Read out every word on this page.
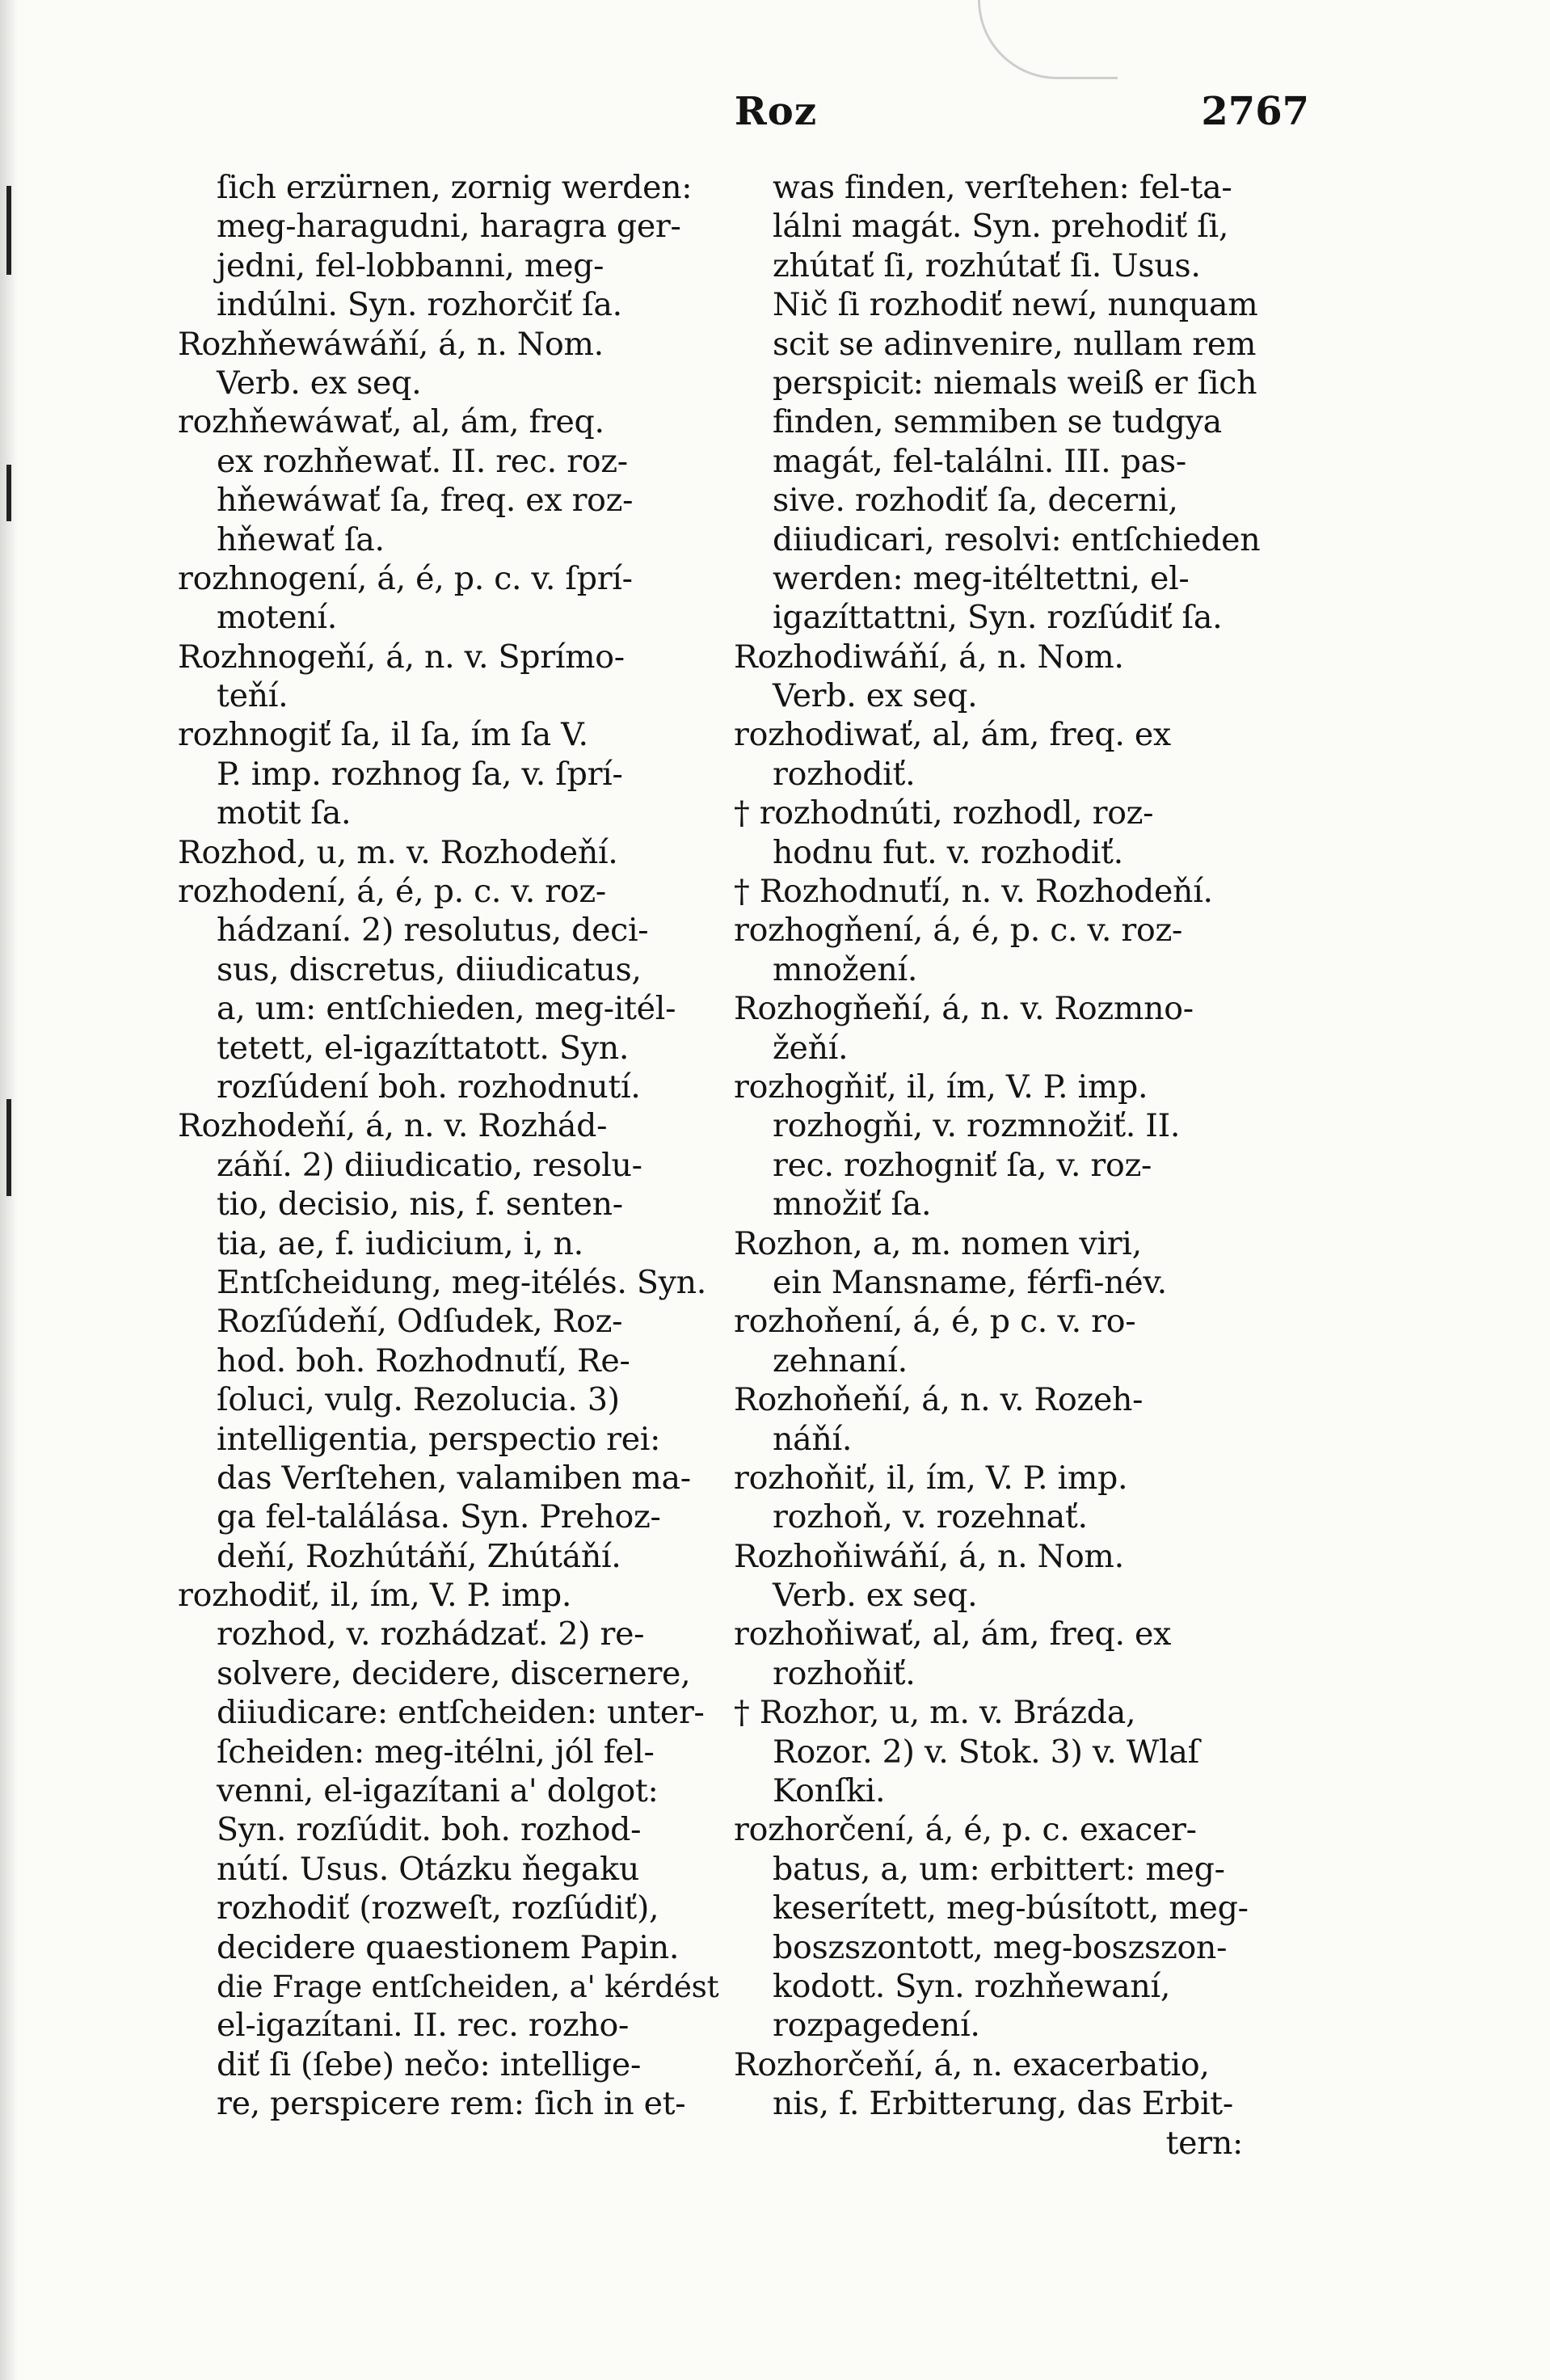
Roz	2767
ſich erzürnen, zornig werden:
meg-haragudni, haragra ger-
jedni, fel-lobbanni, meg-
indúlni. Syn. rozhorčiť ſa.
Rozhňewáwáňí, á, n. Nom.
Verb. ex seq.
rozhňewáwať, al, ám, freq.
ex rozhňewať. II. rec. roz-
hňewáwať ſa, freq. ex roz-
hňewať ſa.
rozhnogení, á, é, p. c. v. ſprí-
motení.
Rozhnogeňí, á, n. v. Sprímo-
teňí.
rozhnogiť ſa, il ſa, ím ſa V.
P. imp. rozhnog ſa, v. ſprí-
motit ſa.
Rozhod, u, m. v. Rozhodeňí.
rozhodení, á, é, p. c. v. roz-
hádzaní. 2) resolutus, deci-
sus, discretus, diiudicatus,
a, um: entſchieden, meg-itél-
tetett, el-igazíttatott. Syn.
rozſúdení boh. rozhodnutí.
Rozhodeňí, á, n. v. Rozhád-
záňí. 2) diiudicatio, resolu-
tio, decisio, nis, f. senten-
tia, ae, f. iudicium, i, n.
Entſcheidung, meg-itélés. Syn.
Rozſúdeňí, Odſudek, Roz-
hod. boh. Rozhodnuťí, Re-
ſoluci, vulg. Rezolucia. 3)
intelligentia, perspectio rei:
das Verſtehen, valamiben ma-
ga fel-találása. Syn. Prehoz-
deňí, Rozhútáňí, Zhútáňí.
rozhodiť, il, ím, V. P. imp.
rozhod, v. rozhádzať. 2) re-
solvere, decidere, discernere,
diiudicare: entſcheiden: unter-
ſcheiden: meg-itélni, jól fel-
venni, el-igazítani a' dolgot:
Syn. rozſúdit. boh. rozhod-
nútí. Usus. Otázku ňegaku
rozhodiť (rozweſt, rozſúdiť),
decidere quaestionem Papin.
die Frage entſcheiden, a' kérdést
el-igazítani. II. rec. rozho-
diť ſi (ſebe) nečo: intellige-
re, perspicere rem: ſich in et-
was finden, verſtehen: fel-ta-
lálni magát. Syn. prehodiť ſi,
zhútať ſi, rozhútať ſi. Usus.
Nič ſi rozhodiť newí, nunquam
scit se adinvenire, nullam rem
perspicit: niemals weiß er ſich
finden, semmiben se tudgya
magát, fel-találni. III. pas-
sive. rozhodiť ſa, decerni,
diiudicari, resolvi: entſchieden
werden: meg-itéltettni, el-
igazíttattni, Syn. rozſúdiť ſa.
Rozhodiwáňí, á, n. Nom.
Verb. ex seq.
rozhodiwať, al, ám, freq. ex
rozhodiť.
† rozhodnúti, rozhodl, roz-
hodnu fut. v. rozhodiť.
† Rozhodnuťí, n. v. Rozhodeňí.
rozhogňení, á, é, p. c. v. roz-
množení.
Rozhogňeňí, á, n. v. Rozmno-
žeňí.
rozhogňiť, il, ím, V. P. imp.
rozhogňi, v. rozmnožiť. II.
rec. rozhogniť ſa, v. roz-
množiť ſa.
Rozhon, a, m. nomen viri,
ein Mansname, férfi-név.
rozhoňení, á, é, p c. v. ro-
zehnaní.
Rozhoňeňí, á, n. v. Rozeh-
náňí.
rozhoňiť, il, ím, V. P. imp.
rozhoň, v. rozehnať.
Rozhoňiwáňí, á, n. Nom.
Verb. ex seq.
rozhoňiwať, al, ám, freq. ex
rozhoňiť.
† Rozhor, u, m. v. Brázda,
Rozor. 2) v. Stok. 3) v. Wlaſ
Konſki.
rozhorčení, á, é, p. c. exacer-
batus, a, um: erbittert: meg-
keserített, meg-búsított, meg-
boszszontott, meg-boszszon-
kodott. Syn. rozhňewaní,
rozpagedení.
Rozhorčeňí, á, n. exacerbatio,
nis, f. Erbitterung, das Erbit-
tern:
